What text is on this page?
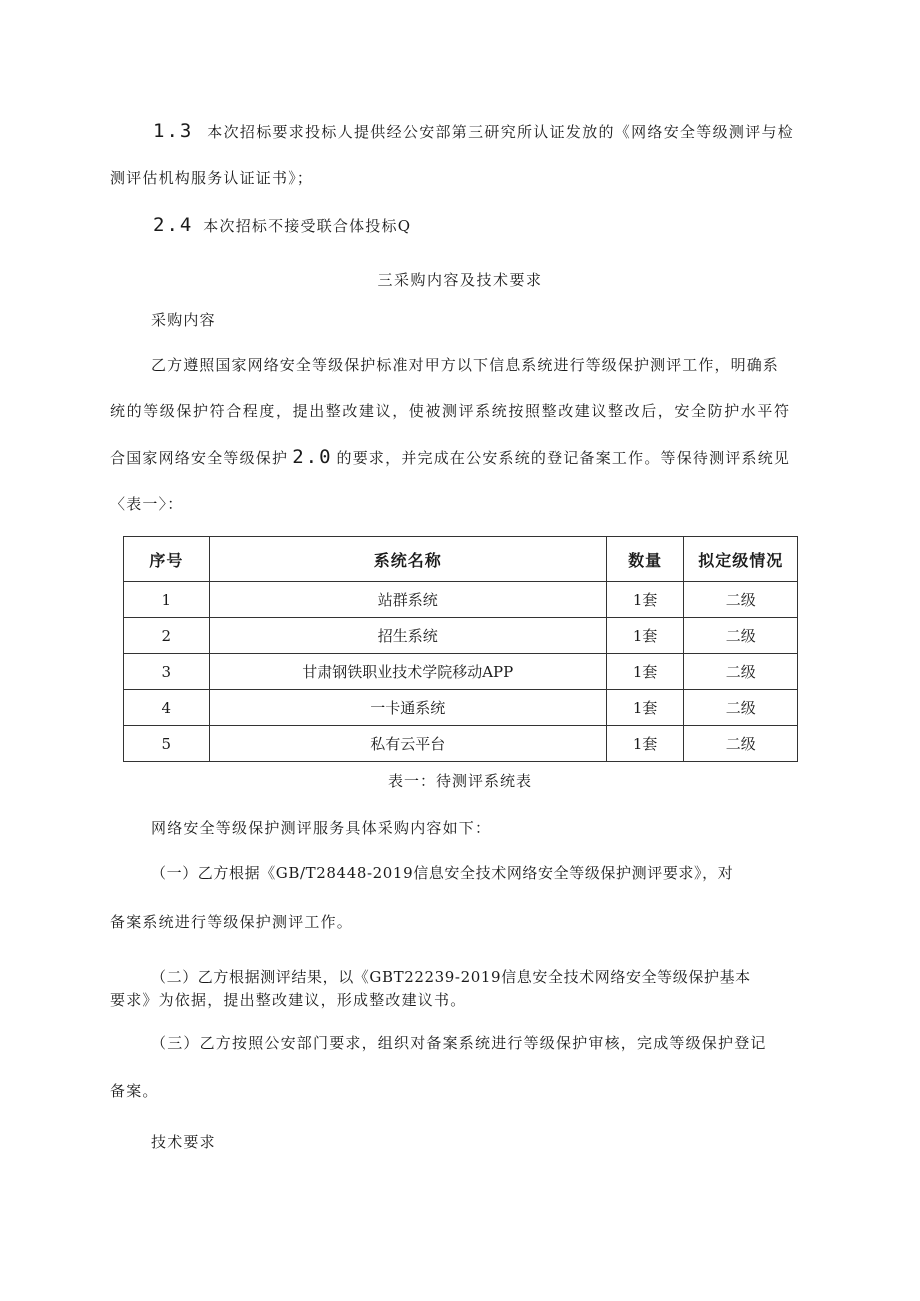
1.3 本次招标要求投标人提供经公安部第三研究所认证发放的《网络安全等级测评与检
测评估机构服务认证证书》；
2.4 本次招标不接受联合体投标Q
三采购内容及技术要求
采购内容
乙方遵照国家网络安全等级保护标准对甲方以下信息系统进行等级保护测评工作，明确系
统的等级保护符合程度，提出整改建议，使被测评系统按照整改建议整改后，安全防护水平符
合国家网络安全等级保护 2.0 的要求，并完成在公安系统的登记备案工作。等保待测评系统见
〈表一〉：
序号	系统名称	数量	拟定级情况
1	站群系统	1套	二级
2	招生系统	1套	二级
3	甘肃钢铁职业技术学院移动APP	1套	二级
4	一卡通系统	1套	二级
5	私有云平台	1套	二级
表一：待测评系统表
网络安全等级保护测评服务具体采购内容如下：
（一）乙方根据《GB/T28448-2019信息安全技术网络安全等级保护测评要求》，对
备案系统进行等级保护测评工作。
（二）乙方根据测评结果，以《GBT22239-2019信息安全技术网络安全等级保护基本
要求》为依据，提出整改建议，形成整改建议书。
（三）乙方按照公安部门要求，组织对备案系统进行等级保护审核，完成等级保护登记
备案。
技术要求
